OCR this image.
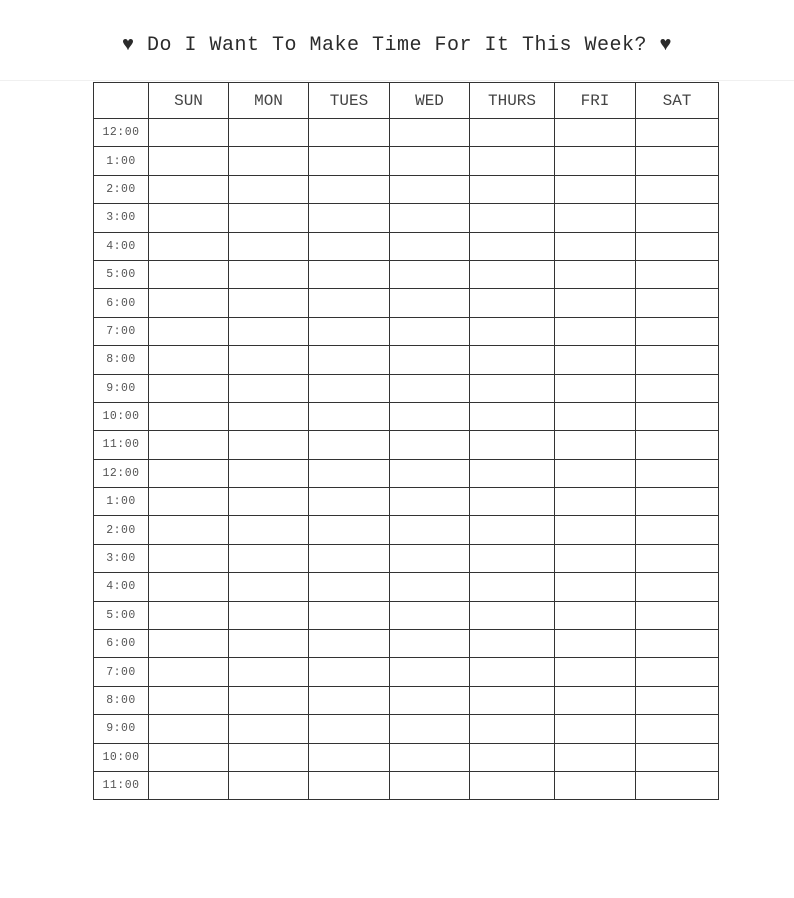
♥ Do I Want To Make Time For It This Week? ♥
	SUN	MON	TUES	WED	THURS	FRI	SAT
12:00							
1:00							
2:00							
3:00							
4:00							
5:00							
6:00							
7:00							
8:00							
9:00							
10:00							
11:00							
12:00							
1:00							
2:00							
3:00							
4:00							
5:00							
6:00							
7:00							
8:00							
9:00							
10:00							
11:00							
